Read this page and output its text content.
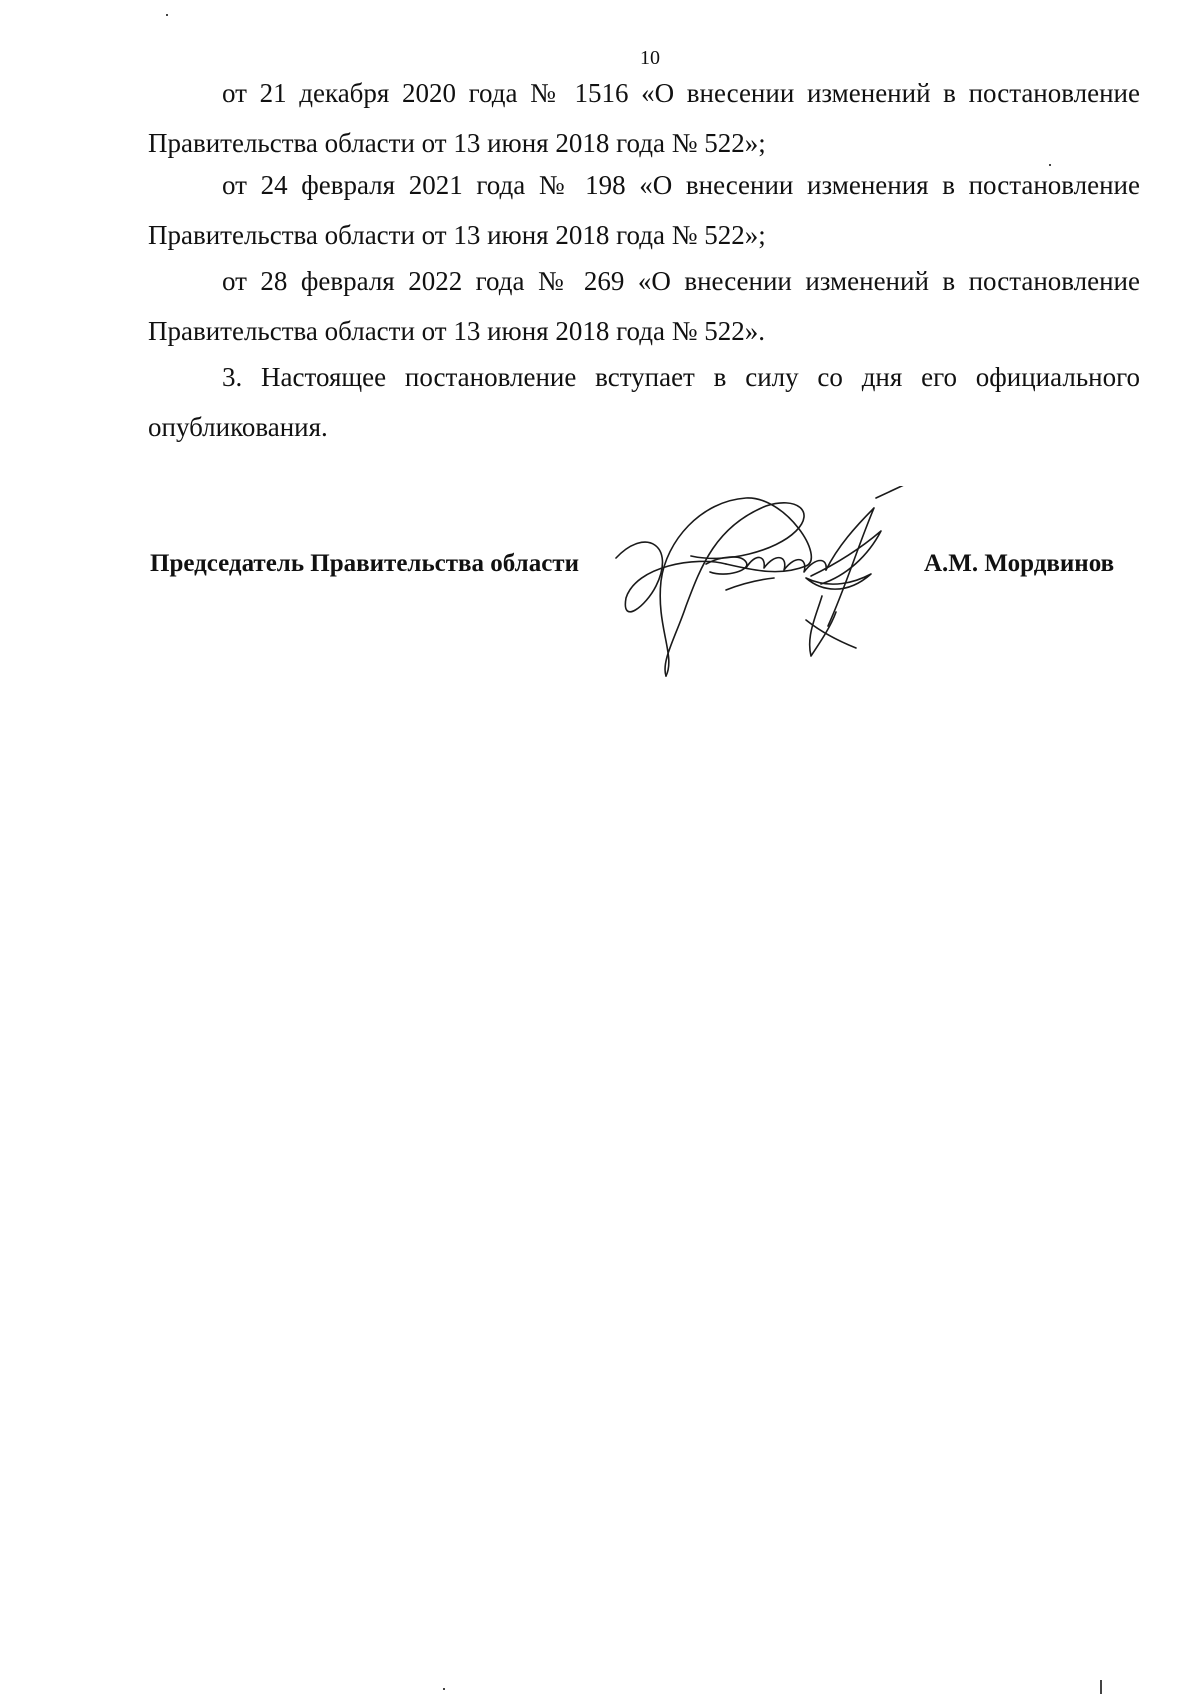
10

от 21 декабря 2020 года № 1516 «О внесении изменений в постановление
Правительства области от 13 июня 2018 года № 522»;

от 24 февраля 2021 года № 198 «О внесении изменения в постановление
Правительства области от 13 июня 2018 года № 522»;

от 28 февраля 2022 года № 269 «О внесении изменений в постановление
Правительства области от 13 июня 2018 года № 522».

3. Настоящее постановление вступает в силу со дня его официального
опубликования.

Председатель Правительства области	А.М. Мордвинов
